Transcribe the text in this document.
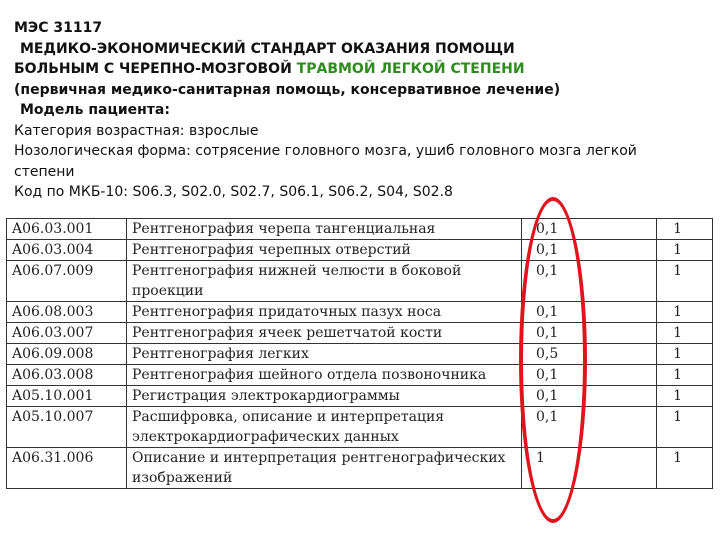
МЭС 31117
МЕДИКО-ЭКОНОМИЧЕСКИЙ СТАНДАРТ ОКАЗАНИЯ ПОМОЩИ
БОЛЬНЫМ С ЧЕРЕПНО-МОЗГОВОЙ ТРАВМОЙ ЛЕГКОЙ СТЕПЕНИ
(первичная медико-санитарная помощь, консервативное лечение)
Модель пациента:
Категория возрастная: взрослые
Нозологическая форма: сотрясение головного мозга, ушиб головного мозга легкой
степени
Код по МКБ-10: S06.3, S02.0, S02.7, S06.1, S06.2, S04, S02.8
A06.03.001	Рентгенография черепа тангенциальная	0,1	1
A06.03.004	Рентгенография черепных отверстий	0,1	1
A06.07.009	Рентгенография нижней челюсти в боковой проекции	0,1	1
A06.08.003	Рентгенография придаточных пазух носа	0,1	1
A06.03.007	Рентгенография ячеек решетчатой кости	0,1	1
A06.09.008	Рентгенография легких	0,5	1
A06.03.008	Рентгенография шейного отдела позвоночника	0,1	1
A05.10.001	Регистрация электрокардиограммы	0,1	1
A05.10.007	Расшифровка, описание и интерпретация электрокардиографических данных	0,1	1
A06.31.006	Описание и интерпретация рентгенографических изображений	1	1
